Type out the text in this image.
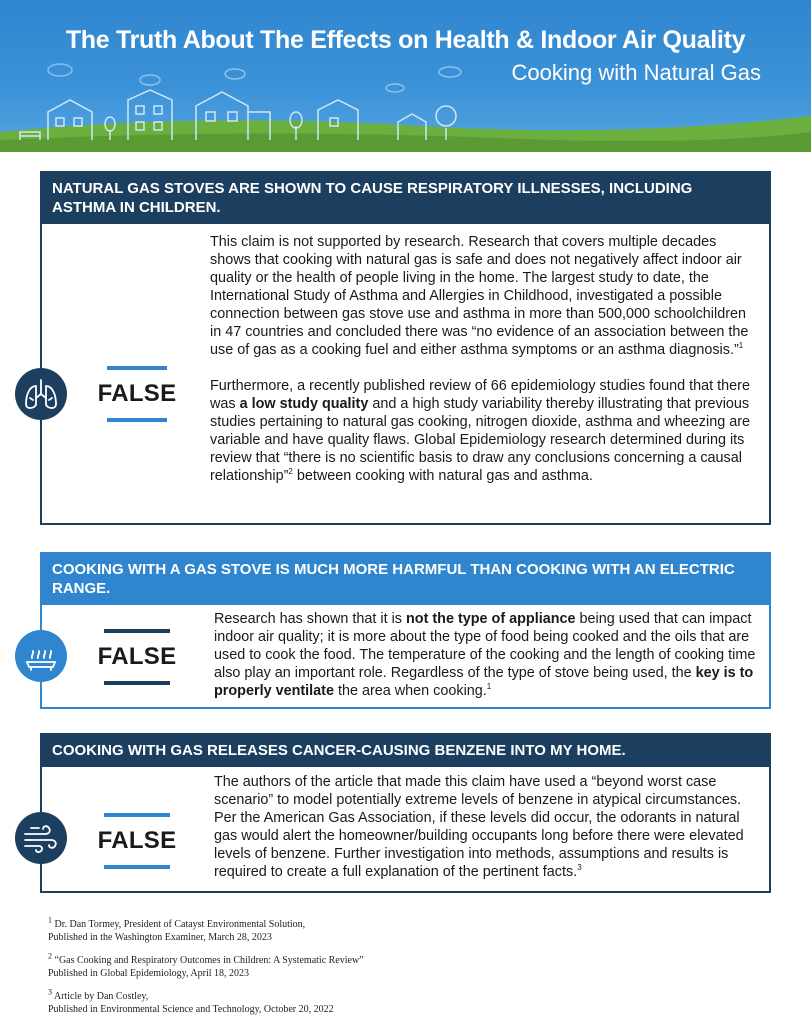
The Truth About The Effects on Health & Indoor Air Quality
Cooking with Natural Gas
NATURAL GAS STOVES ARE SHOWN TO CAUSE RESPIRATORY ILLNESSES, INCLUDING ASTHMA IN CHILDREN.
FALSE

This claim is not supported by research. Research that covers multiple decades shows that cooking with natural gas is safe and does not negatively affect indoor air quality or the health of people living in the home. The largest study to date, the International Study of Asthma and Allergies in Childhood, investigated a possible connection between gas stove use and asthma in more than 500,000 schoolchildren in 47 countries and concluded there was “no evidence of an association between the use of gas as a cooking fuel and either asthma symptoms or an asthma diagnosis.”$^1$

Furthermore, a recently published review of 66 epidemiology studies found that there was a low study quality and a high study variability thereby illustrating that previous studies pertaining to natural gas cooking, nitrogen dioxide, asthma and wheezing are variable and have quality flaws. Global Epidemiology research determined during its review that “there is no scientific basis to draw any conclusions concerning a causal relationship”$^2$ between cooking with natural gas and asthma.

COOKING WITH A GAS STOVE IS MUCH MORE HARMFUL THAN COOKING WITH AN ELECTRIC RANGE.
FALSE

Research has shown that it is not the type of appliance being used that can impact indoor air quality; it is more about the type of food being cooked and the oils that are used to cook the food. The temperature of the cooking and the length of cooking time also play an important role. Regardless of the type of stove being used, the key is to properly ventilate the area when cooking.$^1$

COOKING WITH GAS RELEASES CANCER-CAUSING BENZENE INTO MY HOME.
FALSE

The authors of the article that made this claim have used a “beyond worst case scenario” to model potentially extreme levels of benzene in atypical circumstances. Per the American Gas Association, if these levels did occur, the odorants in natural gas would alert the homeowner/building occupants long before there were elevated levels of benzene. Further investigation into methods, assumptions and results is required to create a full explanation of the pertinent facts.$^3$

$^1$ Dr. Dan Tormey, President of Catayst Environmental Solution,
Published in the Washington Examiner, March 28, 2023
$^2$ “Gas Cooking and Respiratory Outcomes in Children: A Systematic Review”
Published in Global Epidemiology, April 18, 2023
$^3$ Article by Dan Costley,
Published in Environmental Science and Technology, October 20, 2022
